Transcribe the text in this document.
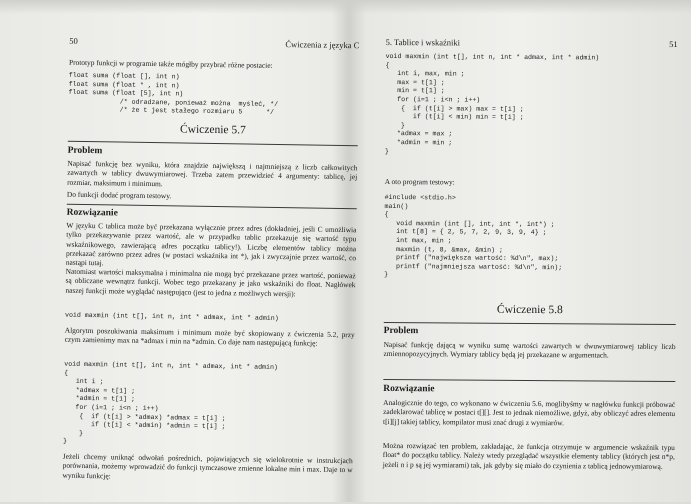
50	Ćwiczenia z języka C
Prototyp funkcji w programie także mógłby przybrać różne postacie:
float suma (float [], int n)
float suma (float * , int n)
float suma (float [5], int n)
/* odradzane, ponieważ można  myśleć, */
/* że t jest stałego rozmiaru 5      */
Ćwiczenie 5.7
Problem
Napisać funkcję bez wyniku, która znajdzie największą i najmniejszą z liczb całkowitych zawartych w tablicy dwuwymiarowej. Trzeba zatem przewidzieć 4 argumenty: tablicę, jej rozmiar, maksimum i minimum.
Do funkcji dodać program testowy.
Rozwiązanie
W języku C tablica może być przekazana wyłącznie przez adres (dokładniej, jeśli C umożliwia tylko przekazywanie przez wartość, ale w przypadku tablic przekazuje się wartość typu wskaźnikowego, zawierającą adres początku tablicy!). Liczbę elementów tablicy można przekazać zarówno przez adres (w postaci wskaźnika int *), jak i zwyczajnie przez wartość, co nastąpi tutaj.
Natomiast wartości maksymalna i minimalna nie mogą być przekazane przez wartość, ponieważ są obliczane wewnątrz funkcji. Wobec tego przekazany je jako wskaźniki do float. Nagłówek naszej funkcji może wyglądać następująco (jest to jedna z możliwych wersji):
void maxmin (int t[], int n, int * admax, int * admin)
Algorytm poszukiwania maksimum i minimum może być skopiowany z ćwiczenia 5.2, przy czym zamienimy max na *admax i min na *admin. Co daje nam następującą funkcję:
void maxmin (int t[], int n, int * admax, int * admin)
{
int i ;
*admax = t[1] ;
*admin = t[1] ;
for (i=1 ; i<n ; i++)
{  if (t[i] > *admax) *admax = t[i] ;
if (t[i] < *admin) *admin = t[i] ;
}
}
Jeżeli chcemy uniknąć odwołań pośrednich, pojawiających się wielokrotnie w instrukcjach porównania, możemy wprowadzić do funkcji tymczasowe zmienne lokalne min i max. Daje to w wyniku funkcję:
5. Tablice i wskaźniki	51
void maxmin (int t[], int n, int * admax, int * admin)
{
int i, max, min ;
max = t[1] ;
min = t[1] ;
for (i=1 ; i<n ; i++)
{  if (t[i] > max) max = t[i] ;
if (t[i] < min) min = t[i] ;
}
*admax = max ;
*admin = min ;
}
A oto program testowy:
#include <stdio.h>
main()
{
void maxmin (int [], int, int *, int*) ;
int t[8] = { 2, 5, 7, 2, 9, 3, 9, 4} ;
int max, min ;
maxmin (t, 8, &max, &min) ;
printf ("największa wartość: %d\n", max);
printf ("najmniejsza wartość: %d\n", min);
}
Ćwiczenie 5.8
Problem
Napisać funkcję dającą w wyniku sumę wartości zawartych w dwuwymiarowej tablicy liczb zmiennopozycyjnych. Wymiary tablicy będą jej przekazane w argumentach.
Rozwiązanie
Analogicznie do tego, co wykonano w ćwiczeniu 5.6, moglibyśmy w nagłówku funkcji próbować zadeklarować tablicę w postaci t[][]. Jest to jednak niemożliwe, gdyż, aby obliczyć adres elementu t[i][j] takiej tablicy, kompilator musi znać drugi z wymiarów.
Można rozwiązać ten problem, zakładając, że funkcja otrzymuje w argumencie wskaźnik typu float* do początku tablicy. Należy wtedy przeglądać wszystkie elementy tablicy (których jest n*p, jeżeli n i p są jej wymiarami) tak, jak gdyby się miało do czynienia z tablicą jednowymiarową.
